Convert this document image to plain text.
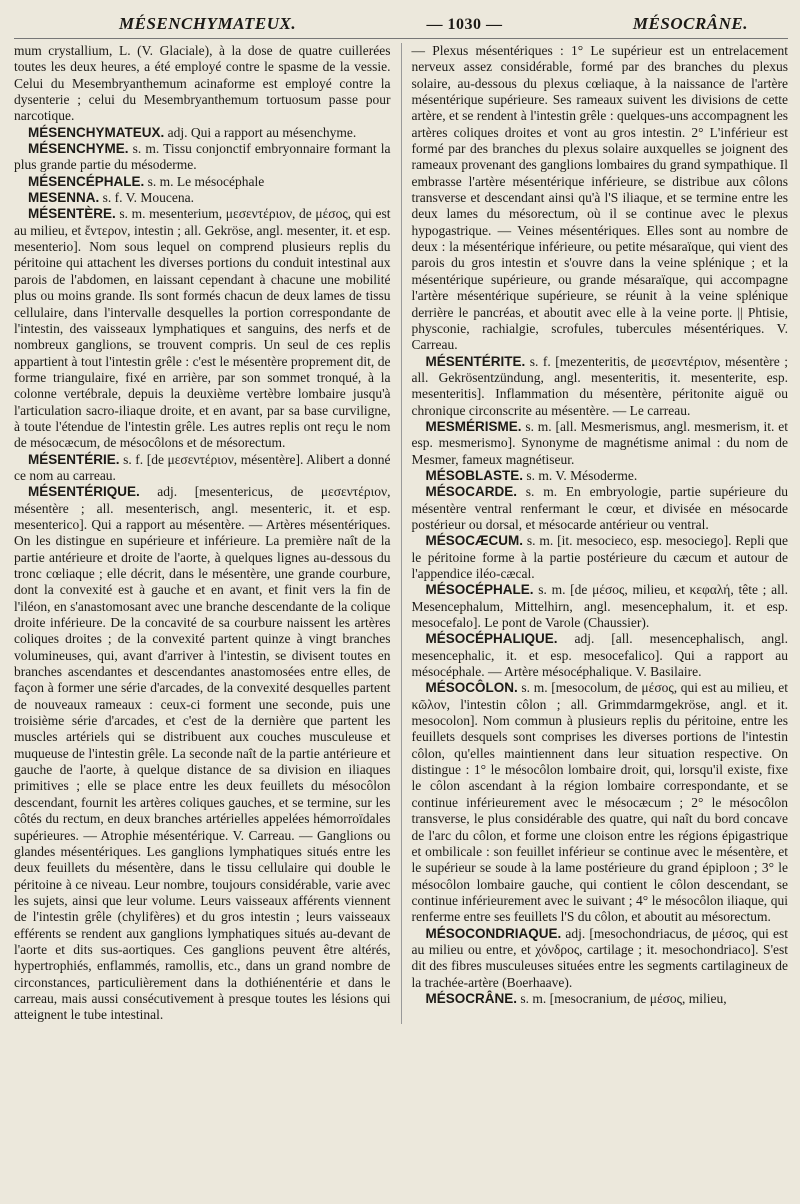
MÉSENCHYMATEUX.	— 1030 —	MÉSOCRÂNE.

mum crystallium, L. (V. Glaciale), à la dose de quatre cuillerées toutes les deux heures, a été employé contre le spasme de la vessie. Celui du Mesembryanthemum acinaforme est employé contre la dysenterie ; celui du Mesembryanthemum tortuosum passe pour narcotique.

MÉSENCHYMATEUX. adj. Qui a rapport au mésenchyme.

MÉSENCHYME. s. m. Tissu conjonctif embryonnaire formant la plus grande partie du mésoderme.

MÉSENCÉPHALE. s. m. Le mésocéphale

MESENNA. s. f. V. Moucena.

MÉSENTÈRE. s. m. mesenterium, μεσεντέριον, de μέσος, qui est au milieu, et ἔντερον, intestin ; all. Gekröse, angl. mesenter, it. et esp. mesenterio]. Nom sous lequel on comprend plusieurs replis du péritoine qui attachent les diverses portions du conduit intestinal aux parois de l'abdomen, en laissant cependant à chacune une mobilité plus ou moins grande. Ils sont formés chacun de deux lames de tissu cellulaire, dans l'intervalle desquelles la portion correspondante de l'intestin, des vaisseaux lymphatiques et sanguins, des nerfs et de nombreux ganglions, se trouvent compris. Un seul de ces replis appartient à tout l'intestin grêle : c'est le mésentère proprement dit, de forme triangulaire, fixé en arrière, par son sommet tronqué, à la colonne vertébrale, depuis la deuxième vertèbre lombaire jusqu'à l'articulation sacro-iliaque droite, et en avant, par sa base curviligne, à toute l'étendue de l'intestin grêle. Les autres replis ont reçu le nom de mésocæcum, de mésocôlons et de mésorectum.

MÉSENTÉRIE. s. f. [de μεσεντέριον, mésentère]. Alibert a donné ce nom au carreau.

MÉSENTÉRIQUE. adj. [mesentericus, de μεσεντέριον, mésentère ; all. mesenterisch, angl. mesenteric, it. et esp. mesenterico]. Qui a rapport au mésentère. — Artères mésentériques. On les distingue en supérieure et inférieure. La première naît de la partie antérieure et droite de l'aorte, à quelques lignes au-dessous du tronc cœliaque ; elle décrit, dans le mésentère, une grande courbure, dont la convexité est à gauche et en avant, et finit vers la fin de l'iléon, en s'anastomosant avec une branche descendante de la colique droite inférieure. De la concavité de sa courbure naissent les artères coliques droites ; de la convexité partent quinze à vingt branches volumineuses, qui, avant d'arriver à l'intestin, se divisent toutes en branches ascendantes et descendantes anastomosées entre elles, de façon à former une série d'arcades, de la convexité desquelles partent de nouveaux rameaux : ceux-ci forment une seconde, puis une troisième série d'arcades, et c'est de la dernière que partent les muscles artériels qui se distribuent aux couches musculeuse et muqueuse de l'intestin grêle. La seconde naît de la partie antérieure et gauche de l'aorte, à quelque distance de sa division en iliaques primitives ; elle se place entre les deux feuillets du mésocôlon descendant, fournit les artères coliques gauches, et se termine, sur les côtés du rectum, en deux branches artérielles appelées hémorroïdales supérieures. — Atrophie mésentérique. V. Carreau. — Ganglions ou glandes mésentériques. Les ganglions lymphatiques situés entre les deux feuillets du mésentère, dans le tissu cellulaire qui double le péritoine à ce niveau. Leur nombre, toujours considérable, varie avec les sujets, ainsi que leur volume. Leurs vaisseaux afférents viennent de l'intestin grêle (chylifères) et du gros intestin ; leurs vaisseaux efférents se rendent aux ganglions lymphatiques situés au-devant de l'aorte et dits sus-aortiques. Ces ganglions peuvent être altérés, hypertrophiés, enflammés, ramollis, etc., dans un grand nombre de circonstances, particulièrement dans la dothiénentérie et dans le carreau, mais aussi consécutivement à presque toutes les lésions qui atteignent le tube intestinal.

— Plexus mésentériques : 1° Le supérieur est un entrelacement nerveux assez considérable, formé par des branches du plexus solaire, au-dessous du plexus cœliaque, à la naissance de l'artère mésentérique supérieure. Ses rameaux suivent les divisions de cette artère, et se rendent à l'intestin grêle : quelques-uns accompagnent les artères coliques droites et vont au gros intestin. 2° L'inférieur est formé par des branches du plexus solaire auxquelles se joignent des rameaux provenant des ganglions lombaires du grand sympathique. Il embrasse l'artère mésentérique inférieure, se distribue aux côlons transverse et descendant ainsi qu'à l'S iliaque, et se termine entre les deux lames du mésorectum, où il se continue avec le plexus hypogastrique. — Veines mésentériques. Elles sont au nombre de deux : la mésentérique inférieure, ou petite mésaraïque, qui vient des parois du gros intestin et s'ouvre dans la veine splénique ; et la mésentérique supérieure, ou grande mésaraïque, qui accompagne l'artère mésentérique supérieure, se réunit à la veine splénique derrière le pancréas, et aboutit avec elle à la veine porte. || Phtisie, physconie, rachialgie, scrofules, tubercules mésentériques. V. Carreau.

MÉSENTÉRITE. s. f. [mezenteritis, de μεσεντέριον, mésentère ; all. Gekrösentzündung, angl. mesenteritis, it. mesenterite, esp. mesenteritis]. Inflammation du mésentère, péritonite aiguë ou chronique circonscrite au mésentère. — Le carreau.

MESMÉRISME. s. m. [all. Mesmerismus, angl. mesmerism, it. et esp. mesmerismo]. Synonyme de magnétisme animal : du nom de Mesmer, fameux magnétiseur.

MÉSOBLASTE. s. m. V. Mésoderme.

MÉSOCARDE. s. m. En embryologie, partie supérieure du mésentère ventral renfermant le cœur, et divisée en mésocarde postérieur ou dorsal, et mésocarde antérieur ou ventral.

MÉSOCÆCUM. s. m. [it. mesocieco, esp. mesociego]. Repli que le péritoine forme à la partie postérieure du cæcum et autour de l'appendice iléo-cæcal.

MÉSOCÉPHALE. s. m. [de μέσος, milieu, et κεφαλή, tête ; all. Mesencephalum, Mittelhirn, angl. mesencephalum, it. et esp. mesocefalo]. Le pont de Varole (Chaussier).

MÉSOCÉPHALIQUE. adj. [all. mesencephalisch, angl. mesencephalic, it. et esp. mesocefalico]. Qui a rapport au mésocéphale. — Artère mésocéphalique. V. Basilaire.

MÉSOCÔLON. s. m. [mesocolum, de μέσος, qui est au milieu, et κῶλον, l'intestin côlon ; all. Grimmdarmgekröse, angl. et it. mesocolon]. Nom commun à plusieurs replis du péritoine, entre les feuillets desquels sont comprises les diverses portions de l'intestin côlon, qu'elles maintiennent dans leur situation respective. On distingue : 1° le mésocôlon lombaire droit, qui, lorsqu'il existe, fixe le côlon ascendant à la région lombaire correspondante, et se continue inférieurement avec le mésocæcum ; 2° le mésocôlon transverse, le plus considérable des quatre, qui naît du bord concave de l'arc du côlon, et forme une cloison entre les régions épigastrique et ombilicale : son feuillet inférieur se continue avec le mésentère, et le supérieur se soude à la lame postérieure du grand épiploon ; 3° le mésocôlon lombaire gauche, qui contient le côlon descendant, se continue inférieurement avec le suivant ; 4° le mésocôlon iliaque, qui renferme entre ses feuillets l'S du côlon, et aboutit au mésorectum.

MÉSOCONDRIAQUE. adj. [mesochondriacus, de μέσος, qui est au milieu ou entre, et χόνδρος, cartilage ; it. mesochondriaco]. S'est dit des fibres musculeuses situées entre les segments cartilagineux de la trachée-artère (Boerhaave).

MÉSOCRÂNE. s. m. [mesocranium, de μέσος, milieu,
